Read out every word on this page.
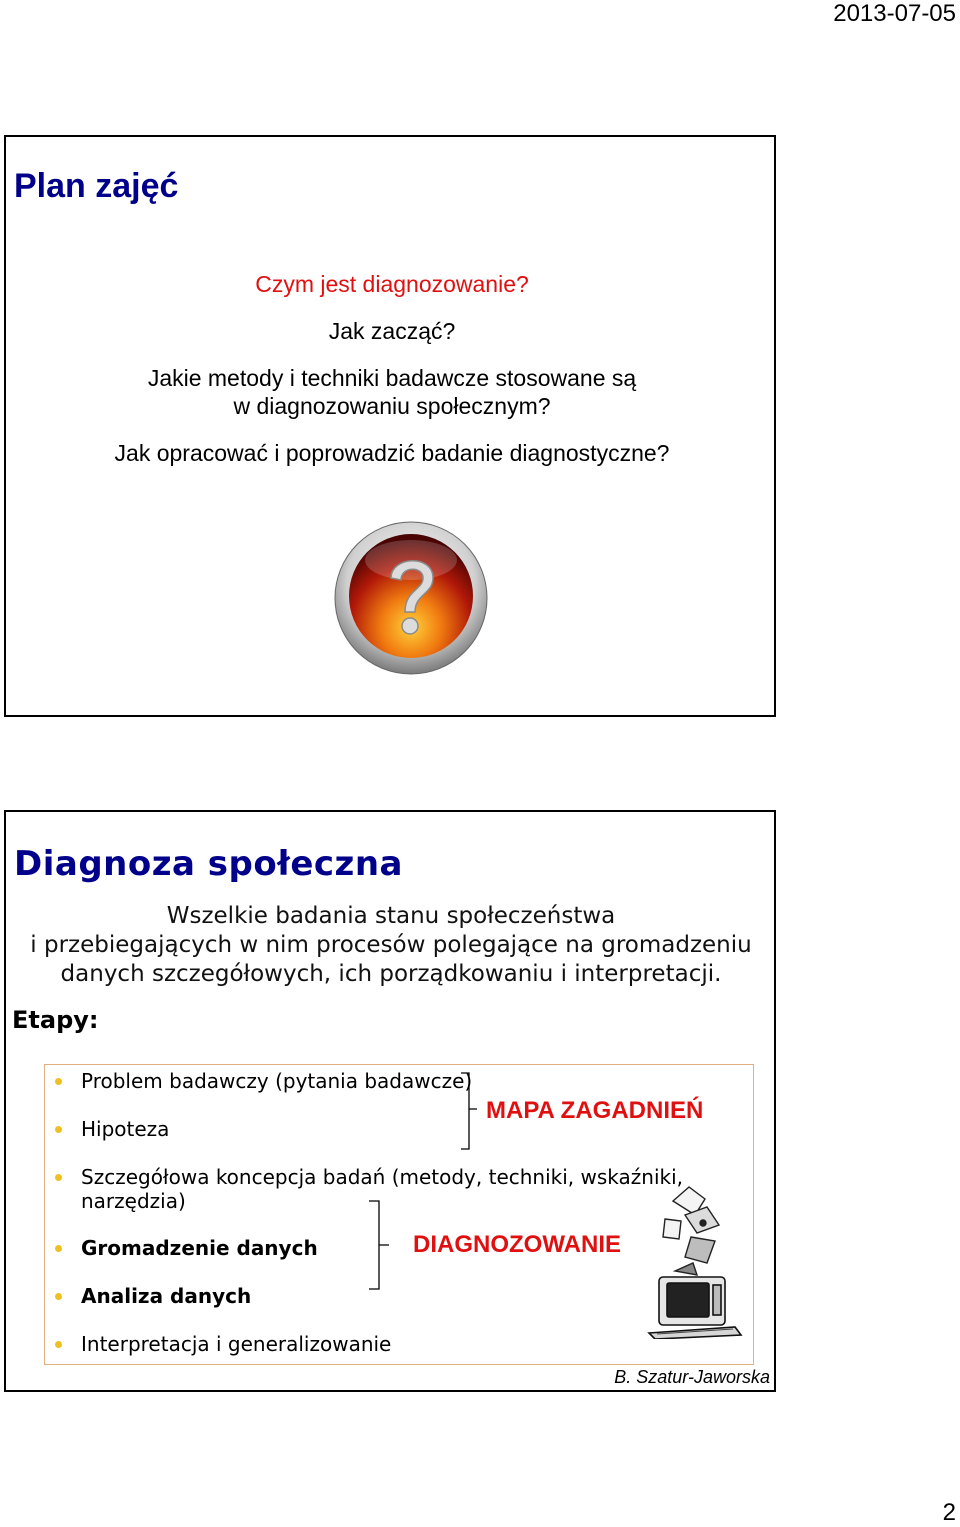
2013-07-05
Plan zajęć
Czym jest diagnozowanie?
Jak zacząć?
Jakie metody i techniki badawcze stosowane są
w diagnozowaniu społecznym?
Jak opracować i poprowadzić badanie diagnostyczne?
Diagnoza społeczna
Wszelkie badania stanu społeczeństwa
i przebiegających w nim procesów polegające na gromadzeniu
danych szczegółowych, ich porządkowaniu i interpretacji.
Etapy:
Problem badawczy (pytania badawcze)
Hipoteza
Szczegółowa koncepcja badań (metody, techniki, wskaźniki,
narzędzia)
Gromadzenie danych
Analiza danych
Interpretacja i generalizowanie
MAPA ZAGADNIEŃ
DIAGNOZOWANIE
B. Szatur-Jaworska
2
